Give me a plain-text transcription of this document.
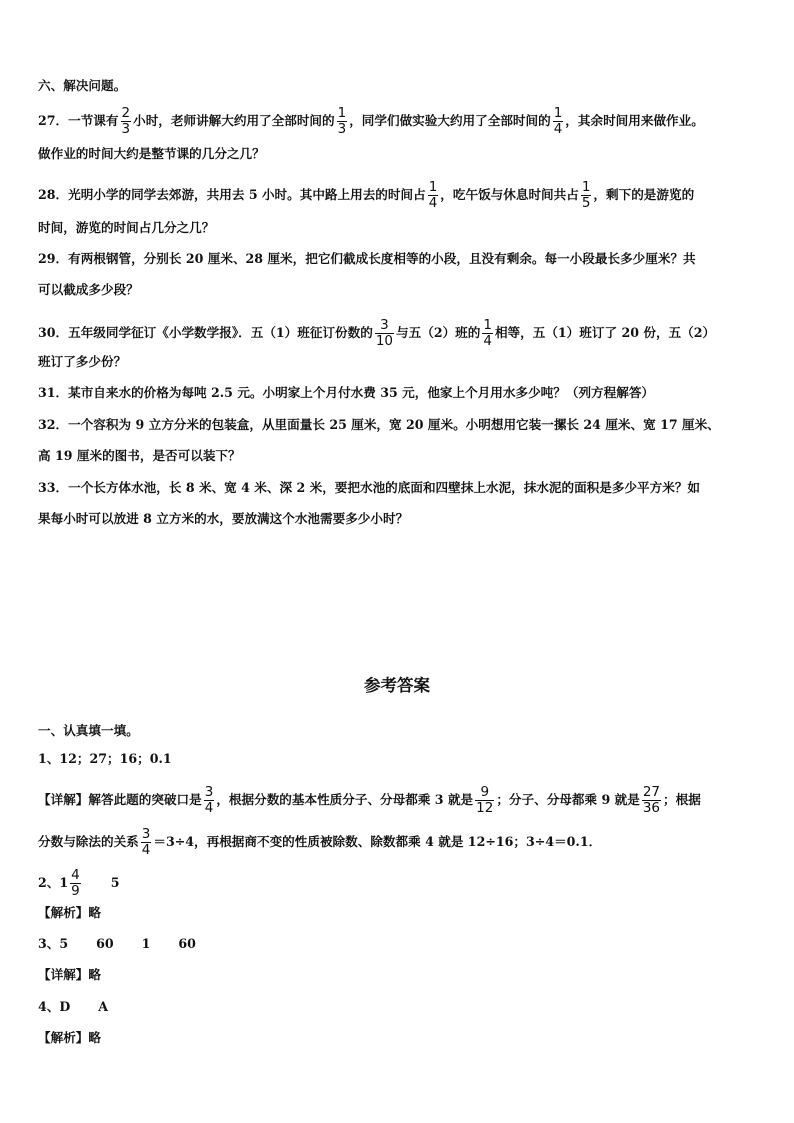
六、解决问题。
27．一节课有 $\frac{2}{3}$ 小时，老师讲解大约用了全部时间的 $\frac{1}{3}$ ，同学们做实验大约用了全部时间的 $\frac{1}{4}$ ，其余时间用来做作业。
做作业的时间大约是整节课的几分之几？
28．光明小学的同学去郊游，共用去 5 小时。其中路上用去的时间占 $\frac{1}{4}$ ，吃午饭与休息时间共占 $\frac{1}{5}$ ，剩下的是游览的
时间，游览的时间占几分之几？
29．有两根钢管，分别长 20 厘米、28 厘米，把它们截成长度相等的小段，且没有剩余。每一小段最长多少厘米？共
可以截成多少段？
30．五年级同学征订《小学数学报》．五（1）班征订份数的 $\frac{3}{10}$ 与五（2）班的 $\frac{1}{4}$ 相等，五（1）班订了 20 份，五（2）
班订了多少份？
31．某市自来水的价格为每吨 2.5 元。小明家上个月付水费 35 元，他家上个月用水多少吨？（列方程解答）
32．一个容积为 9 立方分米的包装盒，从里面量长 25 厘米，宽 20 厘米。小明想用它装一摞长 24 厘米、宽 17 厘米、
高 19 厘米的图书，是否可以装下？
33．一个长方体水池，长 8 米、宽 4 米、深 2 米，要把水池的底面和四壁抹上水泥，抹水泥的面积是多少平方米？如
果每小时可以放进 8 立方米的水，要放满这个水池需要多少小时？
参考答案
一、认真填一填。
1、12；27；16；0.1
【详解】解答此题的突破口是 $\frac{3}{4}$ ，根据分数的基本性质分子、分母都乘 3 就是 $\frac{9}{12}$ ；分子、分母都乘 9 就是 $\frac{27}{36}$ ；根据
分数与除法的关系 $\frac{3}{4} =3\div 4$，再根据商不变的性质被除数、除数都乘 4 就是 12÷16；3÷4＝0.1．
2、$1 \frac{4}{9} 5$
【解析】略
3、5 60 1 60
【详解】略
4、D A
【解析】略
